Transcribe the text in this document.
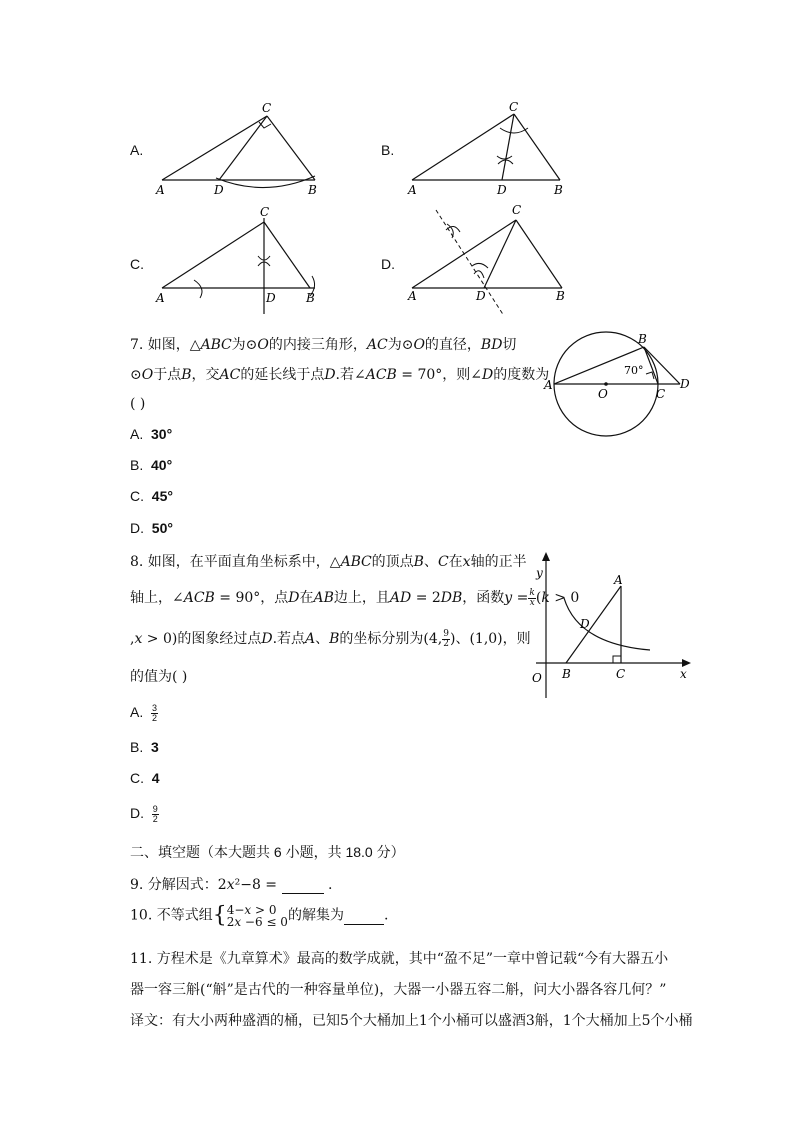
A.
C
A	D	B
B.
C
A	D	B
C.
C
A	D	B
D.
C
A	D	B
7. 如图，△𝐴𝐵𝐶为⊙𝑂的内接三角形，𝐴𝐶为⊙𝑂的直径，𝐵𝐷切
⊙𝑂于点𝐵，交𝐴𝐶的延长线于点𝐷.若∠𝐴𝐶𝐵 = 70°，则∠𝐷的度数为
( )
A. 30°
B. 40°
C. 45°
D. 50°
B
A
O	C
D
70°
8. 如图，在平面直角坐标系中，△𝐴𝐵𝐶的顶点𝐵、𝐶在𝑥轴的正半
轴上，∠𝐴𝐶𝐵 = 90°，点𝐷在𝐴𝐵边上，且𝐴𝐷 = 2𝐷𝐵，函数𝑦 = $\frac{k}{x}$ (𝑘 > 0
,𝑥 > 0)的图象经过点𝐷.若点𝐴、𝐵的坐标分别为(4, $\frac{9}{2}$ )、(1,0)，则
的值为( )
A. $\frac{3}{2}$
B. 3
C. 4
D. $\frac{9}{2}$
y
x
O
A
B	C
D
二、填空题（本大题共 6 小题，共 18.0 分）
9. 分解因式：2𝑥²−8 =	.
10. 不等式组{ 4−𝑥 > 0
2𝑥 −6 ≤ 0 的解集为	.
11. 方程术是《九章算术》最高的数学成就，其中“盈不足”一章中曾记载“今有大器五小
器一容三斛(“斛”是古代的一种容量单位)，大器一小器五容二斛，问大小器各容几何？”
译文：有大小两种盛酒的桶，已知5个大桶加上1个小桶可以盛酒3斛，1个大桶加上5个小桶
